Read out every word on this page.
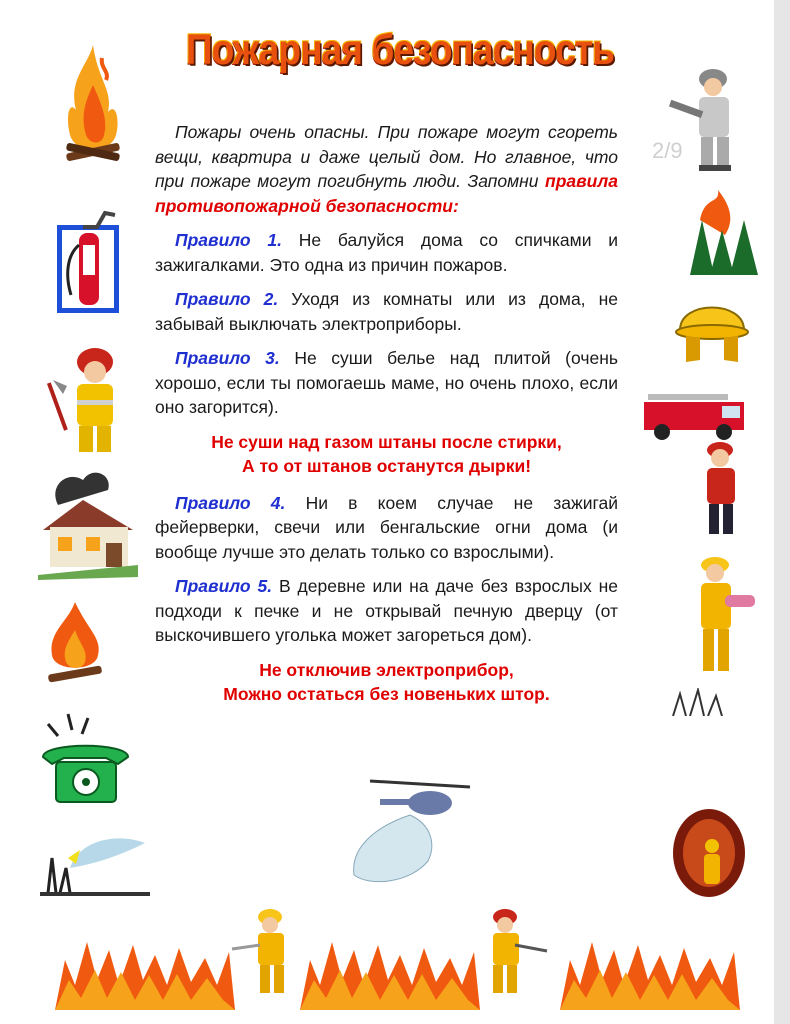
Пожарная безопасность
2/9

Пожары очень опасны. При пожаре могут сгореть вещи, квартира и даже целый дом. Но главное, что при пожаре могут погибнуть люди. Запомни правила противопожарной безопасности:

Правило 1. Не балуйся дома со спичками и зажигалками. Это одна из причин пожаров.

Правило 2. Уходя из комнаты или из дома, не забывай выключать электроприборы.

Правило 3. Не суши белье над плитой (очень хорошо, если ты помогаешь маме, но очень плохо, если оно загорится).

Не суши над газом штаны после стирки,
А то от штанов останутся дырки!

Правило 4. Ни в коем случае не зажигай фейерверки, свечи или бенгальские огни дома (и вообще лучше это делать только со взрослыми).

Правило 5. В деревне или на даче без взрослых не подходи к печке и не открывай печную дверцу (от выскочившего уголька может загореться дом).

Не отключив электроприбор,
Можно остаться без новеньких штор.
